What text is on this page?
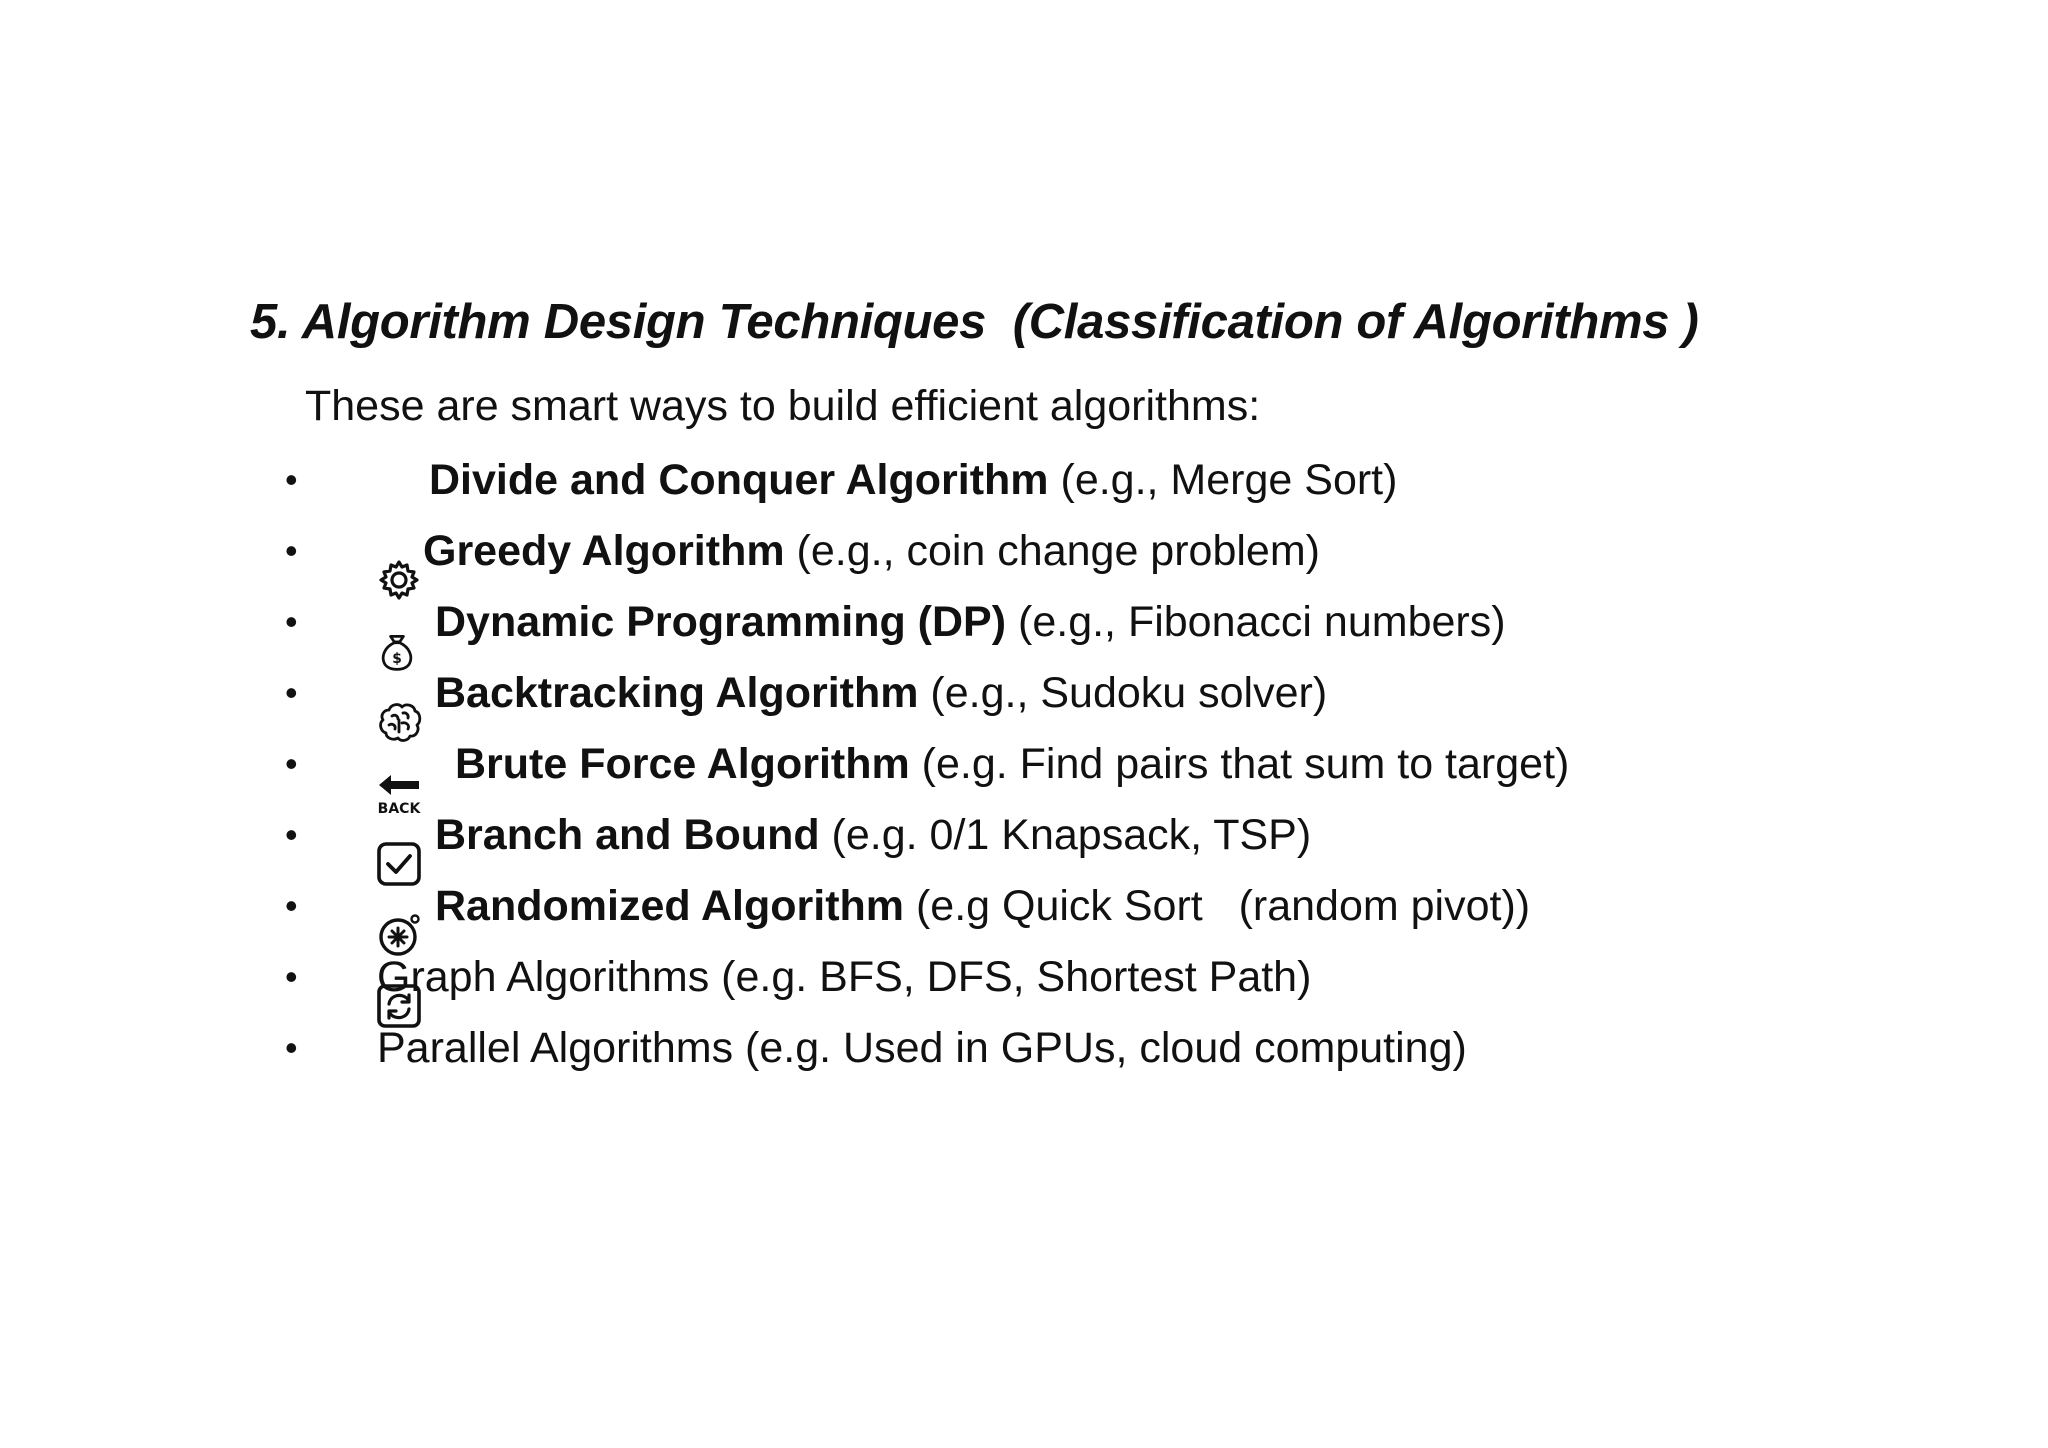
5. Algorithm Design Techniques  (Classification of Algorithms )
These are smart ways to build efficient algorithms:

•

	Divide and Conquer Algorithm (e.g., Merge Sort)

•

$

Greedy Algorithm (e.g., coin change problem)

•

	Dynamic Programming (DP) (e.g., Fibonacci numbers)

•

BACK

Backtracking Algorithm (e.g., Sudoku solver)

•

	Brute Force Algorithm (e.g. Find pairs that sum to target)

•

	Branch and Bound (e.g. 0/1 Knapsack, TSP)

•

	Randomized Algorithm (e.g Quick Sort   (random pivot))

•

Graph Algorithms (e.g. BFS, DFS, Shortest Path)

•

Parallel Algorithms (e.g. Used in GPUs, cloud computing)
